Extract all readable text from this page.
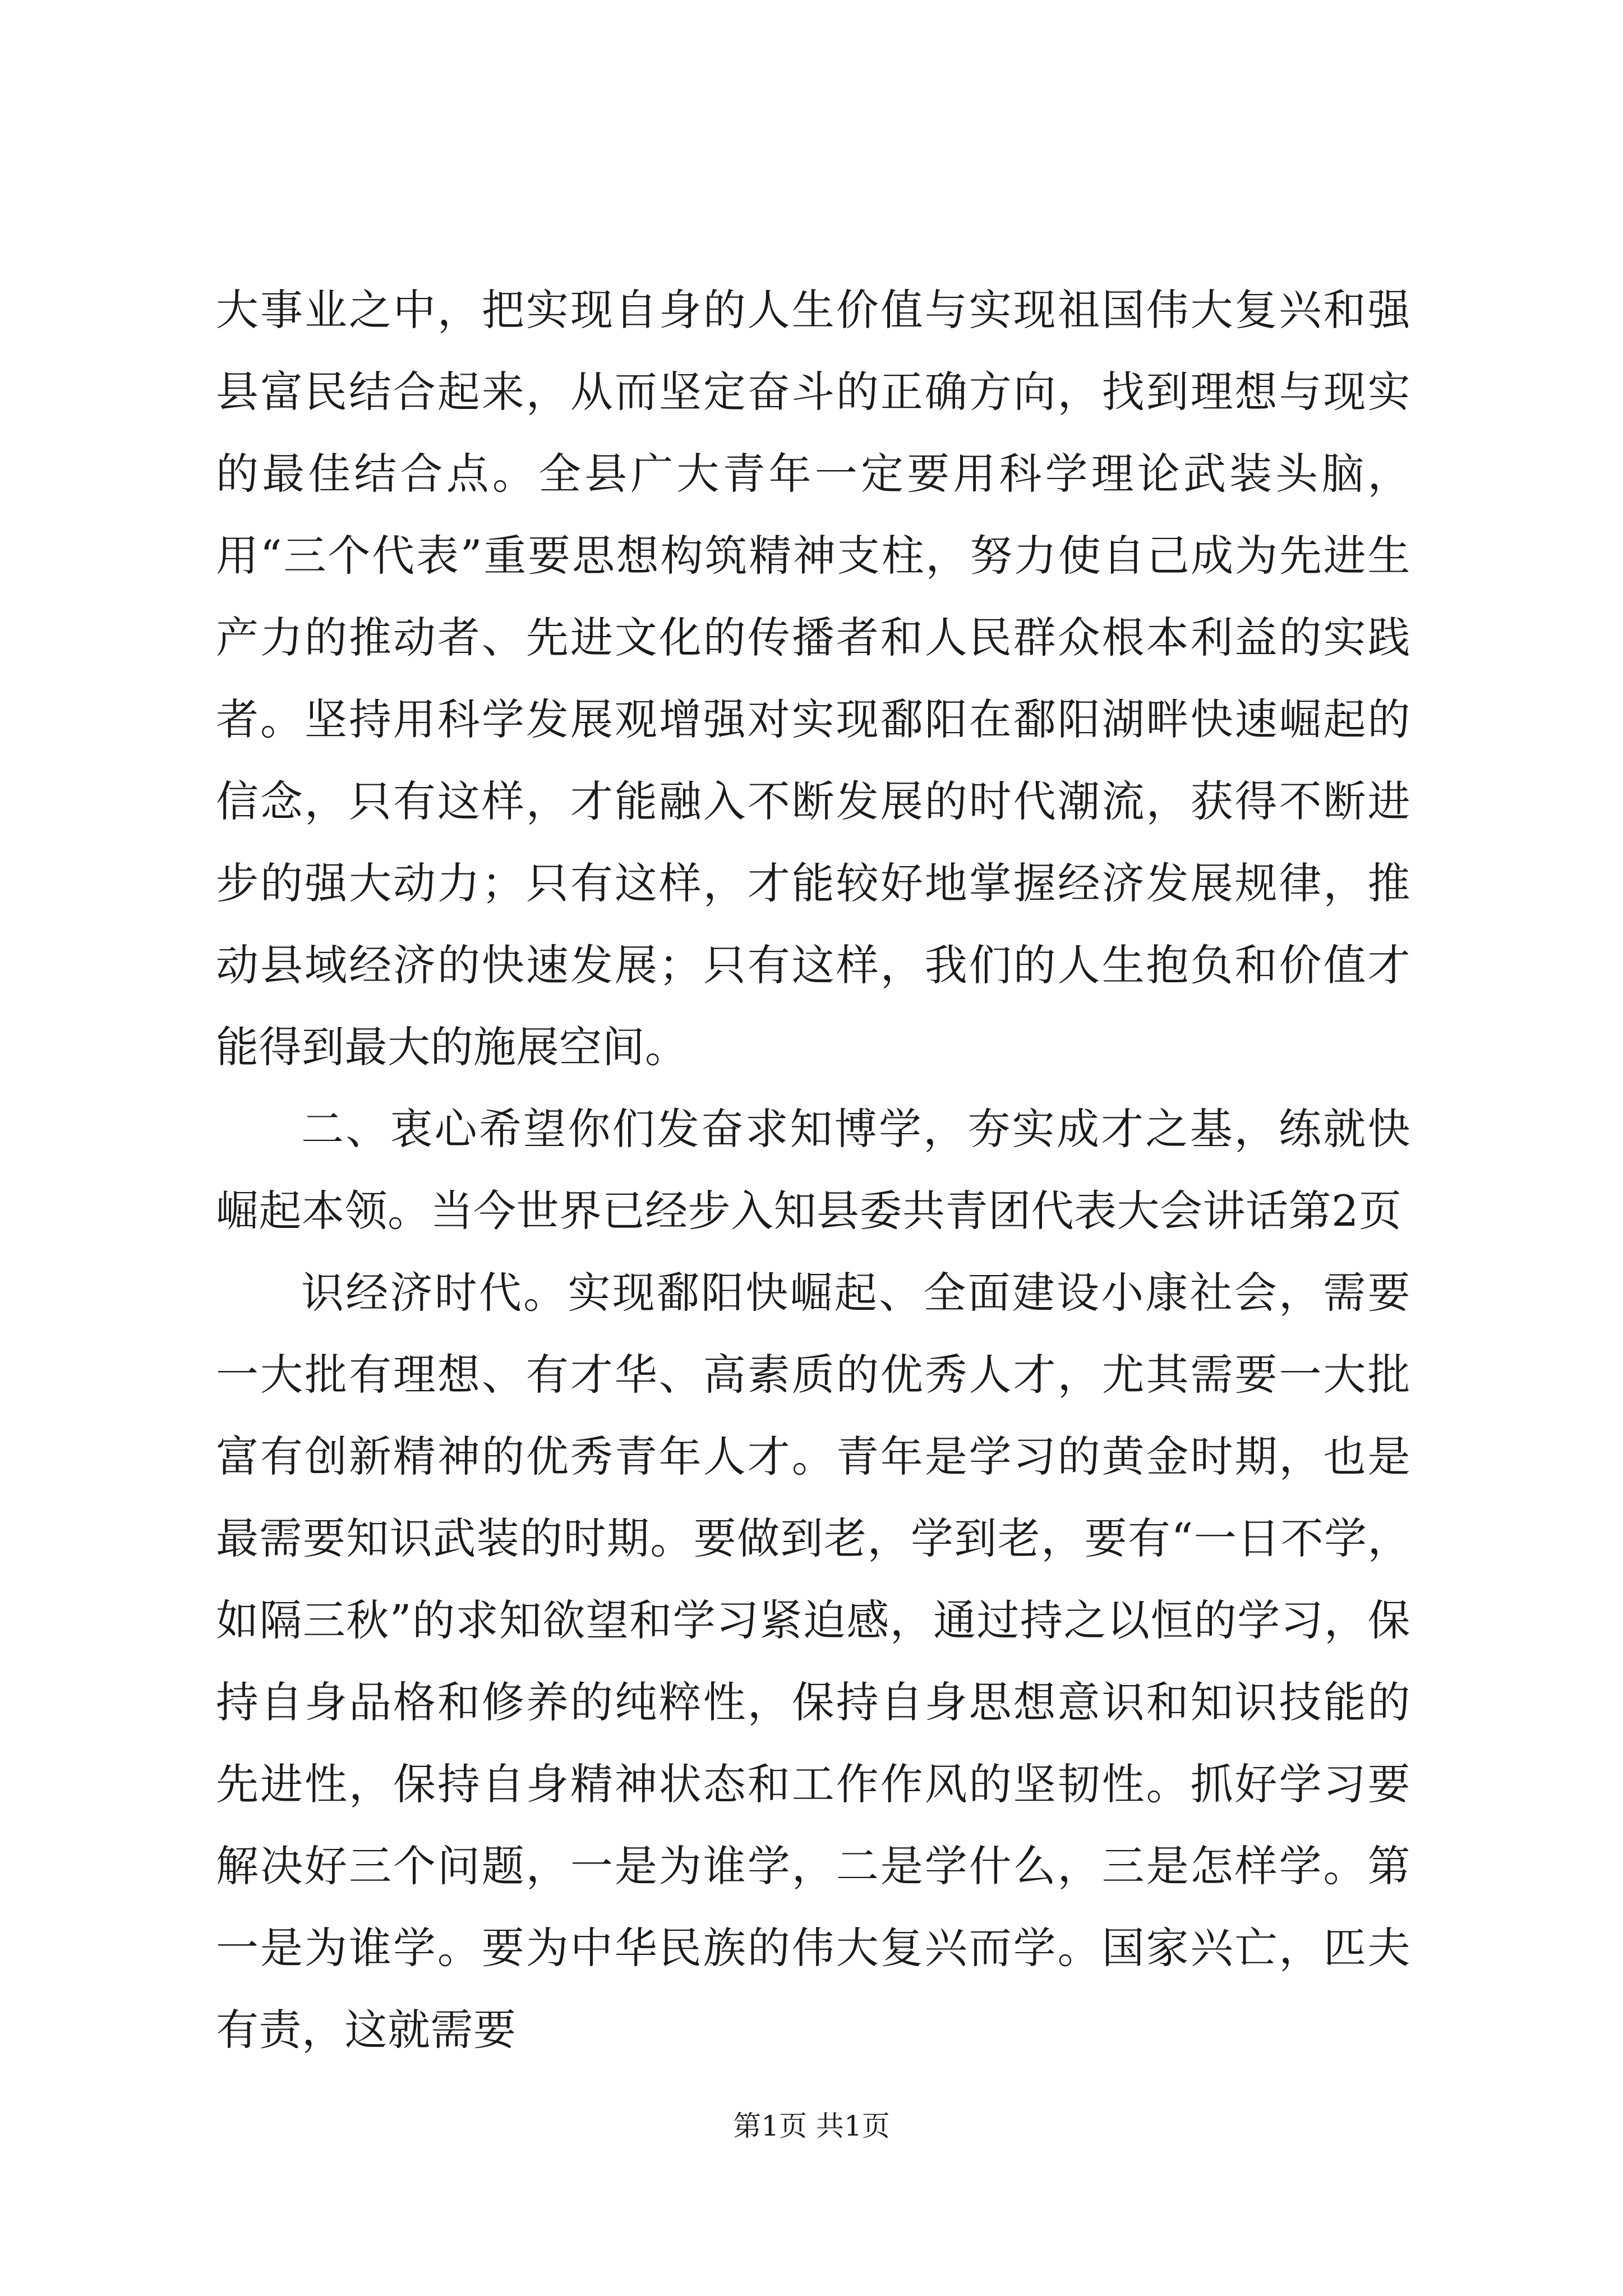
大事业之中，把实现自身的人生价值与实现祖国伟大复兴和强县富民结合起来，从而坚定奋斗的正确方向，找到理想与现实的最佳结合点。全县广大青年一定要用科学理论武装头脑，用“三个代表”重要思想构筑精神支柱，努力使自己成为先进生产力的推动者、先进文化的传播者和人民群众根本利益的实践者。坚持用科学发展观增强对实现鄱阳在鄱阳湖畔快速崛起的信念，只有这样，才能融入不断发展的时代潮流，获得不断进步的强大动力；只有这样，才能较好地掌握经济发展规律，推动县域经济的快速发展；只有这样，我们的人生抱负和价值才能得到最大的施展空间。

二、衷心希望你们发奋求知博学，夯实成才之基，练就快崛起本领。当今世界已经步入知县委共青团代表大会讲话第2页

识经济时代。实现鄱阳快崛起、全面建设小康社会，需要一大批有理想、有才华、高素质的优秀人才，尤其需要一大批富有创新精神的优秀青年人才。青年是学习的黄金时期，也是最需要知识武装的时期。要做到老，学到老，要有“一日不学，如隔三秋”的求知欲望和学习紧迫感，通过持之以恒的学习，保持自身品格和修养的纯粹性，保持自身思想意识和知识技能的先进性，保持自身精神状态和工作作风的坚韧性。抓好学习要解决好三个问题，一是为谁学，二是学什么，三是怎样学。第一是为谁学。要为中华民族的伟大复兴而学。国家兴亡，匹夫有责，这就需要

第1页 共1页
